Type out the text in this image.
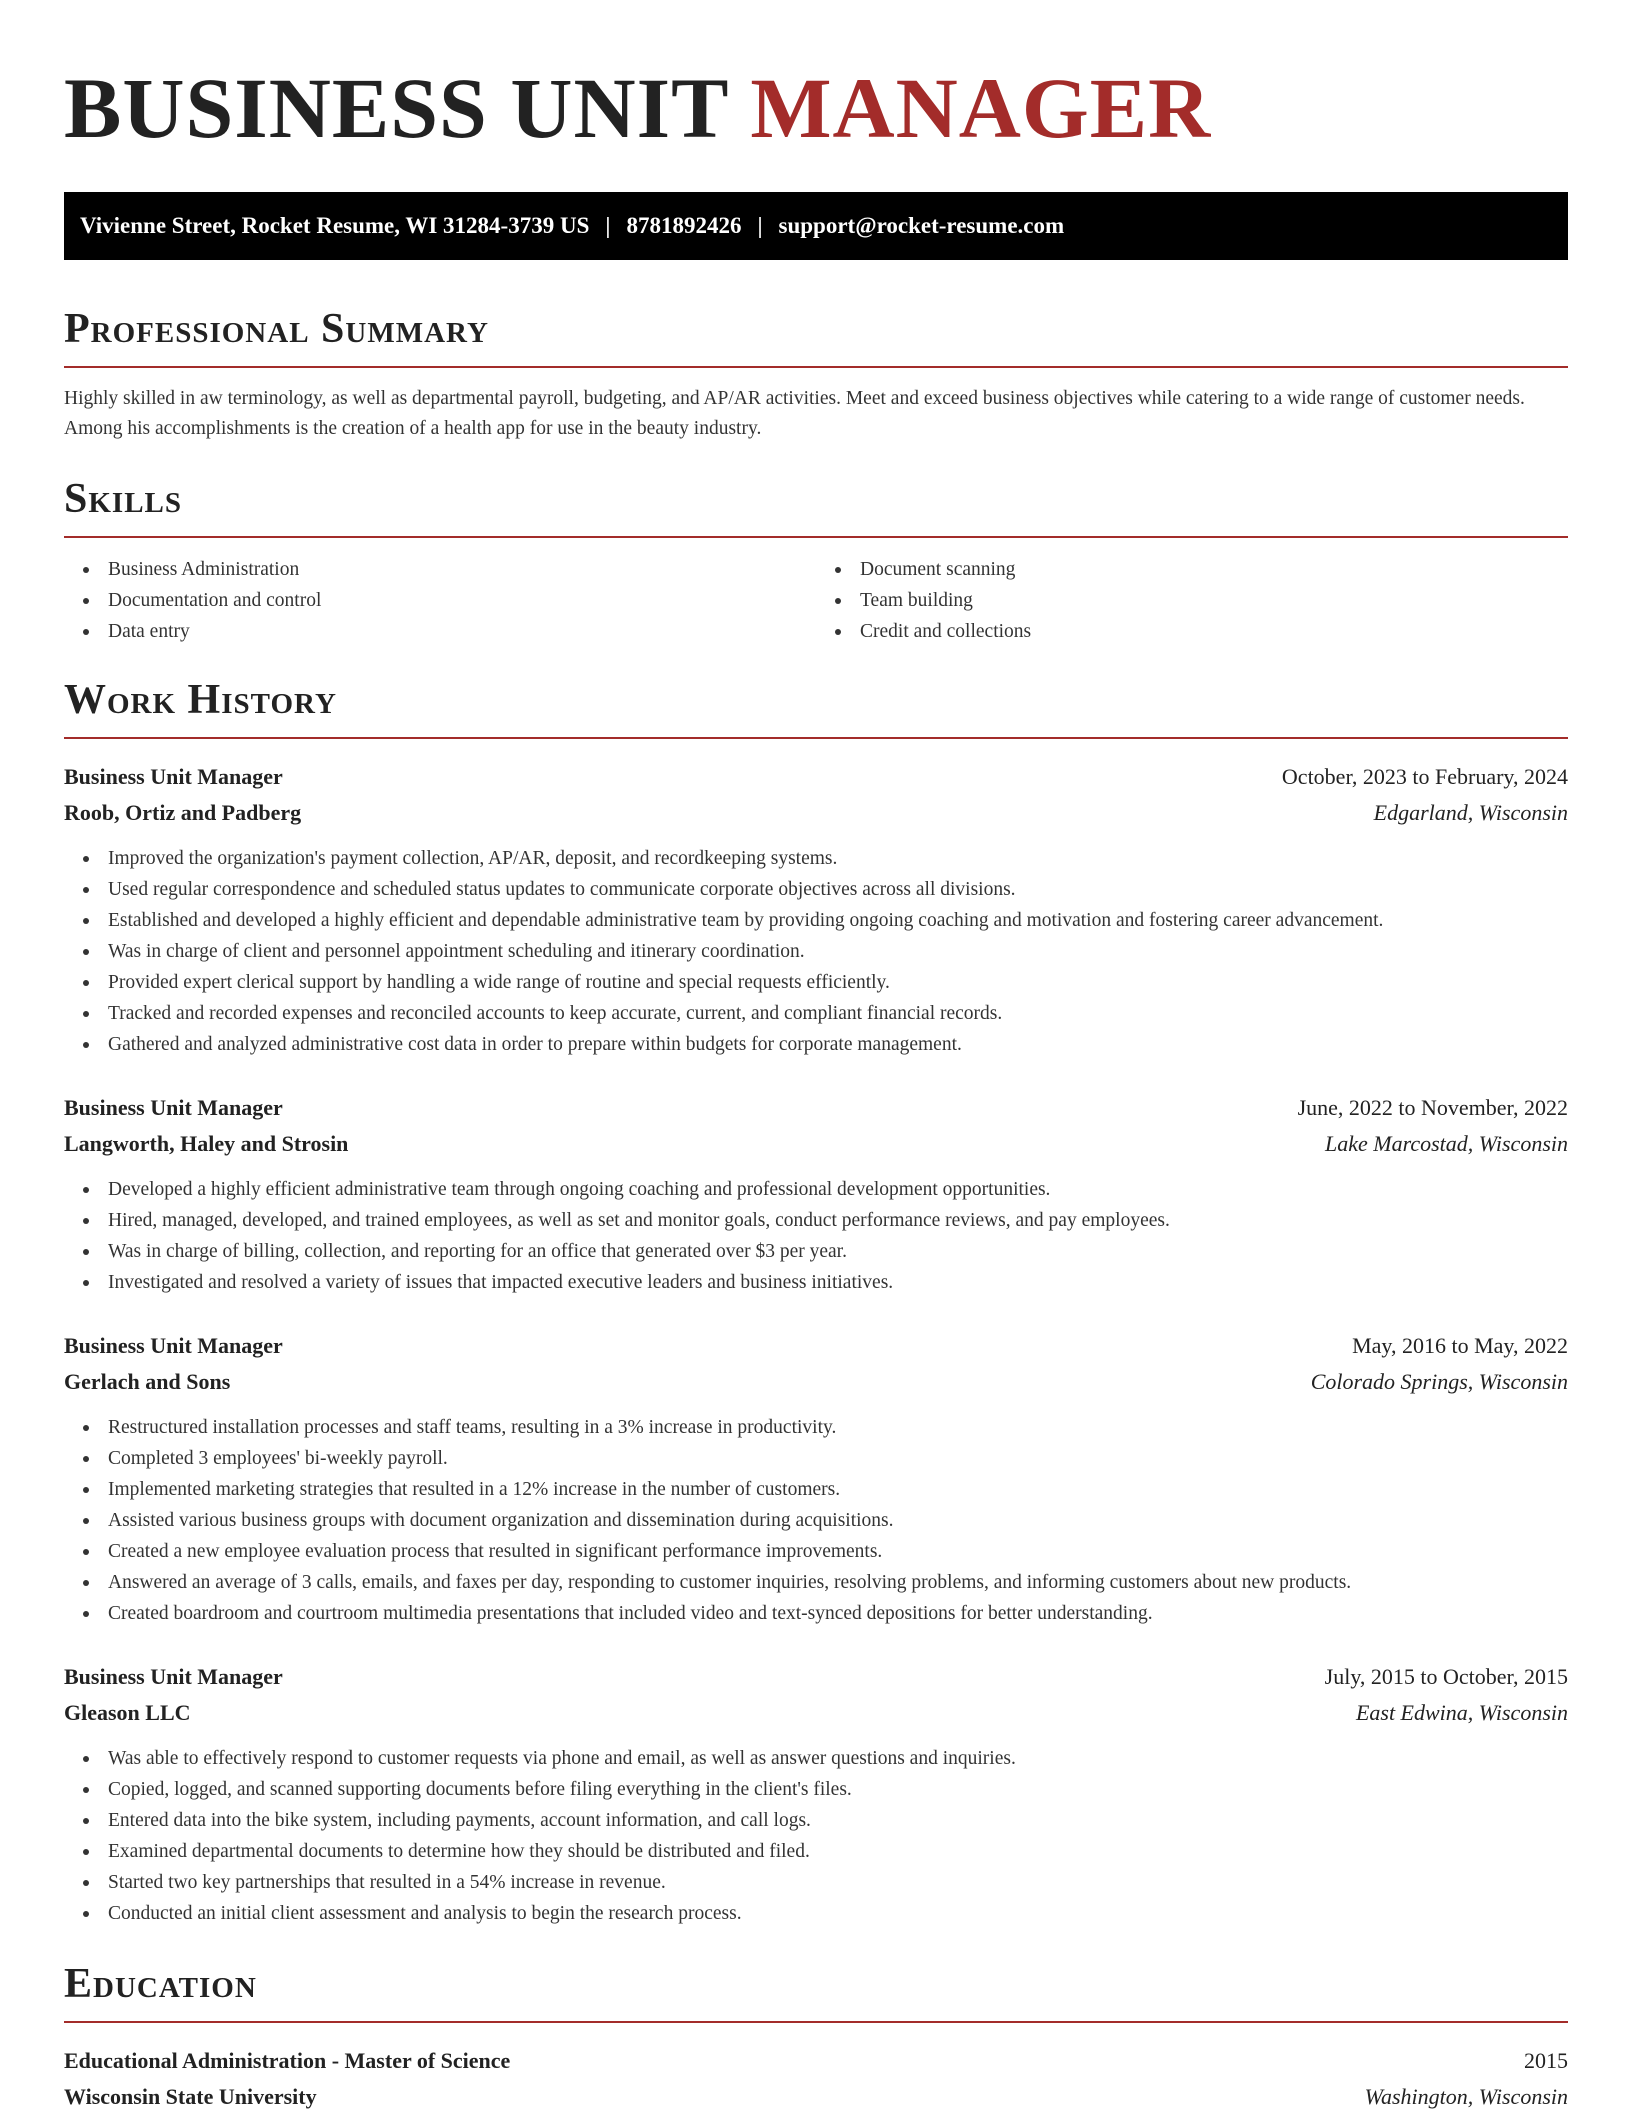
BUSINESS UNIT MANAGER
Vivienne Street, Rocket Resume, WI 31284-3739 US | 8781892426 | support@rocket-resume.com
Professional Summary

Highly skilled in aw terminology, as well as departmental payroll, budgeting, and AP/AR activities. Meet and exceed business objectives while catering to a wide range of customer needs. Among his accomplishments is the creation of a health app for use in the beauty industry.

Skills
Business Administration
Documentation and control
Data entry
Document scanning
Team building
Credit and collections
Work History
Business Unit Manager	October, 2023 to February, 2024
Roob, Ortiz and Padberg	Edgarland, Wisconsin
Improved the organization's payment collection, AP/AR, deposit, and recordkeeping systems.
Used regular correspondence and scheduled status updates to communicate corporate objectives across all divisions.
Established and developed a highly efficient and dependable administrative team by providing ongoing coaching and motivation and fostering career advancement.
Was in charge of client and personnel appointment scheduling and itinerary coordination.
Provided expert clerical support by handling a wide range of routine and special requests efficiently.
Tracked and recorded expenses and reconciled accounts to keep accurate, current, and compliant financial records.
Gathered and analyzed administrative cost data in order to prepare within budgets for corporate management.
Business Unit Manager	June, 2022 to November, 2022
Langworth, Haley and Strosin	Lake Marcostad, Wisconsin
Developed a highly efficient administrative team through ongoing coaching and professional development opportunities.
Hired, managed, developed, and trained employees, as well as set and monitor goals, conduct performance reviews, and pay employees.
Was in charge of billing, collection, and reporting for an office that generated over $3 per year.
Investigated and resolved a variety of issues that impacted executive leaders and business initiatives.
Business Unit Manager	May, 2016 to May, 2022
Gerlach and Sons	Colorado Springs, Wisconsin
Restructured installation processes and staff teams, resulting in a 3% increase in productivity.
Completed 3 employees' bi-weekly payroll.
Implemented marketing strategies that resulted in a 12% increase in the number of customers.
Assisted various business groups with document organization and dissemination during acquisitions.
Created a new employee evaluation process that resulted in significant performance improvements.
Answered an average of 3 calls, emails, and faxes per day, responding to customer inquiries, resolving problems, and informing customers about new products.
Created boardroom and courtroom multimedia presentations that included video and text-synced depositions for better understanding.
Business Unit Manager	July, 2015 to October, 2015
Gleason LLC	East Edwina, Wisconsin
Was able to effectively respond to customer requests via phone and email, as well as answer questions and inquiries.
Copied, logged, and scanned supporting documents before filing everything in the client's files.
Entered data into the bike system, including payments, account information, and call logs.
Examined departmental documents to determine how they should be distributed and filed.
Started two key partnerships that resulted in a 54% increase in revenue.
Conducted an initial client assessment and analysis to begin the research process.
Education
Educational Administration - Master of Science	2015
Wisconsin State University	Washington, Wisconsin
